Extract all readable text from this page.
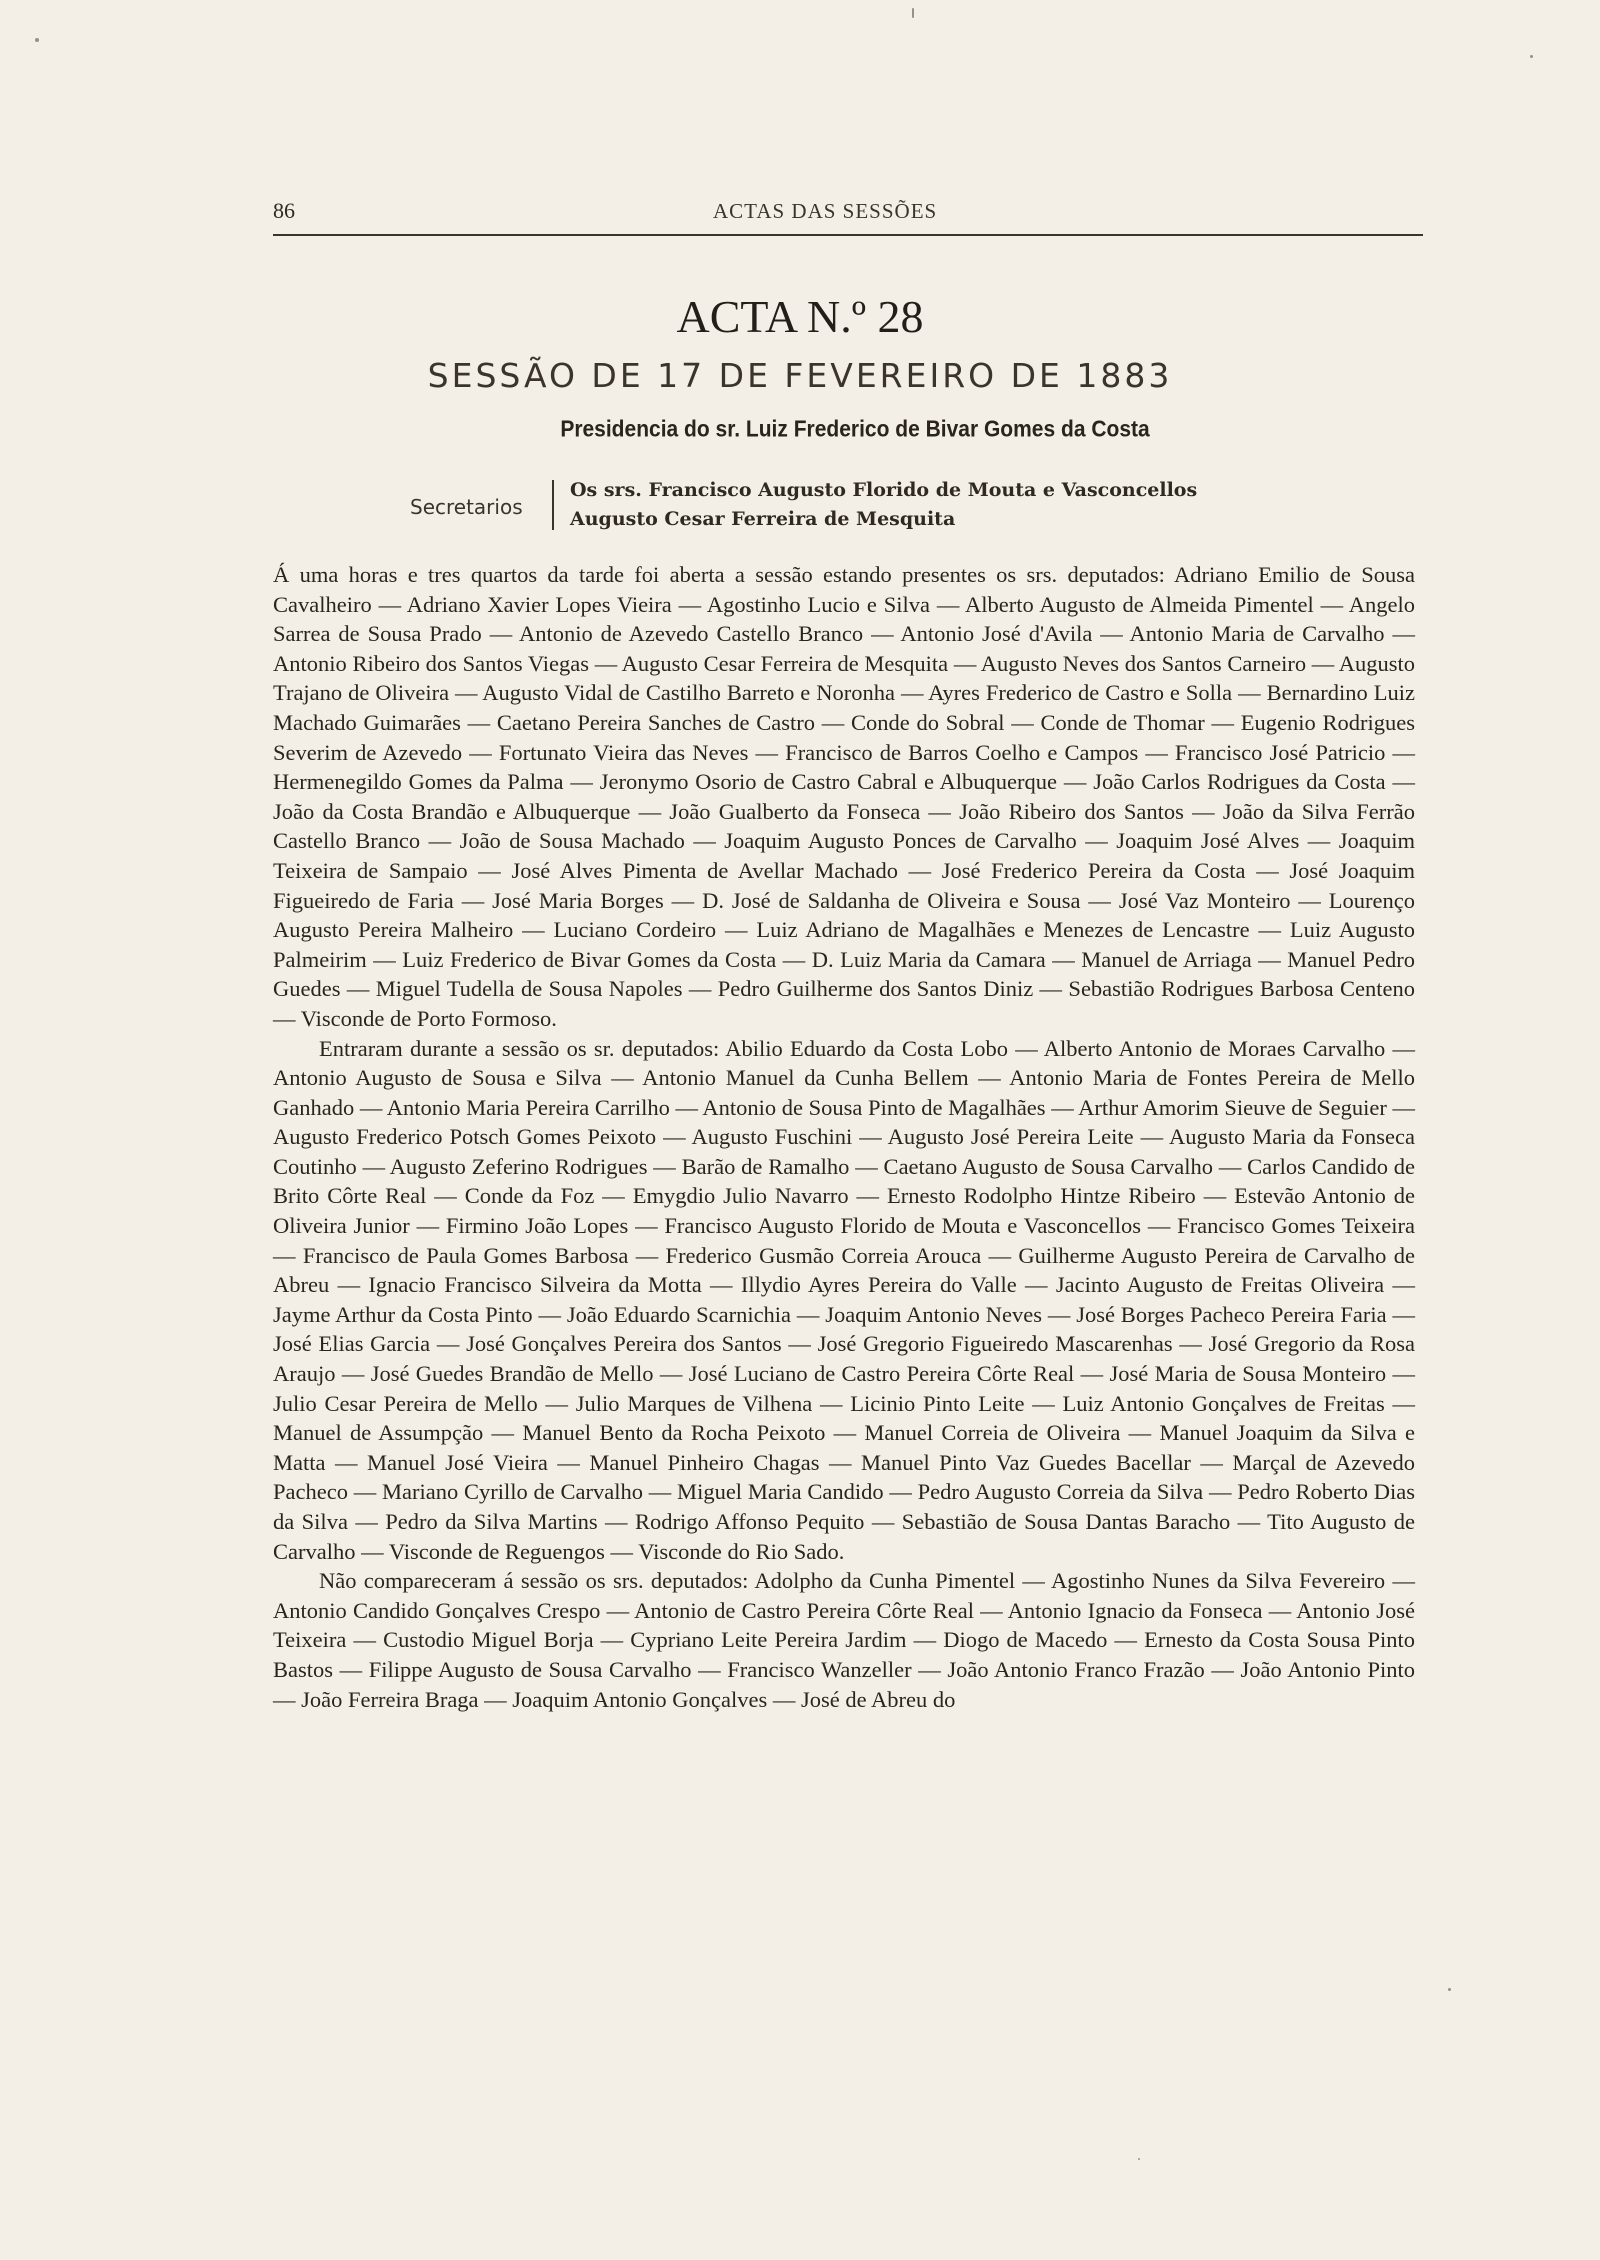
86	ACTAS DAS SESSÕES
ACTA N.º 28
SESSÃO DE 17 DE FEVEREIRO DE 1883
Presidencia do sr. Luiz Frederico de Bivar Gomes da Costa
Secretarios
Os srs. Francisco Augusto Florido de Mouta e Vasconcellos
Augusto Cesar Ferreira de Mesquita

Á uma horas e tres quartos da tarde foi aberta a sessão estando presentes os srs. deputados: Adriano Emilio de Sousa Cavalheiro — Adriano Xavier Lopes Vieira — Agostinho Lucio e Silva — Alberto Augusto de Almeida Pimentel — Angelo Sarrea de Sousa Prado — Antonio de Azevedo Castello Branco — Antonio José d'Avila — Antonio Maria de Carvalho — Antonio Ribeiro dos Santos Viegas — Augusto Cesar Ferreira de Mesquita — Augusto Neves dos Santos Carneiro — Augusto Trajano de Oliveira — Augusto Vidal de Castilho Barreto e Noronha — Ayres Frederico de Castro e Solla — Bernardino Luiz Machado Guimarães — Caetano Pereira Sanches de Castro — Conde do Sobral — Conde de Thomar — Eugenio Rodrigues Severim de Azevedo — Fortunato Vieira das Neves — Francisco de Barros Coelho e Campos — Francisco José Patricio — Hermenegildo Gomes da Palma — Jeronymo Osorio de Castro Cabral e Albuquerque — João Carlos Rodrigues da Costa — João da Costa Brandão e Albuquerque — João Gualberto da Fonseca — João Ribeiro dos Santos — João da Silva Ferrão Castello Branco — João de Sousa Machado — Joaquim Augusto Ponces de Carvalho — Joaquim José Alves — Joaquim Teixeira de Sampaio — José Alves Pimenta de Avellar Machado — José Frederico Pereira da Costa — José Joaquim Figueiredo de Faria — José Maria Borges — D. José de Saldanha de Oliveira e Sousa — José Vaz Monteiro — Lourenço Augusto Pereira Malheiro — Luciano Cordeiro — Luiz Adriano de Magalhães e Menezes de Lencastre — Luiz Augusto Palmeirim — Luiz Frederico de Bivar Gomes da Costa — D. Luiz Maria da Camara — Manuel de Arriaga — Manuel Pedro Guedes — Miguel Tudella de Sousa Napoles — Pedro Guilherme dos Santos Diniz — Sebastião Rodrigues Barbosa Centeno — Visconde de Porto Formoso.

Entraram durante a sessão os sr. deputados: Abilio Eduardo da Costa Lobo — Alberto Antonio de Moraes Carvalho — Antonio Augusto de Sousa e Silva — Antonio Manuel da Cunha Bellem — Antonio Maria de Fontes Pereira de Mello Ganhado — Antonio Maria Pereira Carrilho — Antonio de Sousa Pinto de Magalhães — Arthur Amorim Sieuve de Seguier — Augusto Frederico Potsch Gomes Peixoto — Augusto Fuschini — Augusto José Pereira Leite — Augusto Maria da Fonseca Coutinho — Augusto Zeferino Rodrigues — Barão de Ramalho — Caetano Augusto de Sousa Carvalho — Carlos Candido de Brito Côrte Real — Conde da Foz — Emygdio Julio Navarro — Ernesto Rodolpho Hintze Ribeiro — Estevão Antonio de Oliveira Junior — Firmino João Lopes — Francisco Augusto Florido de Mouta e Vasconcellos — Francisco Gomes Teixeira — Francisco de Paula Gomes Barbosa — Frederico Gusmão Correia Arouca — Guilherme Augusto Pereira de Carvalho de Abreu — Ignacio Francisco Silveira da Motta — Illydio Ayres Pereira do Valle — Jacinto Augusto de Freitas Oliveira — Jayme Arthur da Costa Pinto — João Eduardo Scarnichia — Joaquim Antonio Neves — José Borges Pacheco Pereira Faria — José Elias Garcia — José Gonçalves Pereira dos Santos — José Gregorio Figueiredo Mascarenhas — José Gregorio da Rosa Araujo — José Guedes Brandão de Mello — José Luciano de Castro Pereira Côrte Real — José Maria de Sousa Monteiro — Julio Cesar Pereira de Mello — Julio Marques de Vilhena — Licinio Pinto Leite — Luiz Antonio Gonçalves de Freitas — Manuel de Assumpção — Manuel Bento da Rocha Peixoto — Manuel Correia de Oliveira — Manuel Joaquim da Silva e Matta — Manuel José Vieira — Manuel Pinheiro Chagas — Manuel Pinto Vaz Guedes Bacellar — Marçal de Azevedo Pacheco — Mariano Cyrillo de Carvalho — Miguel Maria Candido — Pedro Augusto Correia da Silva — Pedro Roberto Dias da Silva — Pedro da Silva Martins — Rodrigo Affonso Pequito — Sebastião de Sousa Dantas Baracho — Tito Augusto de Carvalho — Visconde de Reguengos — Visconde do Rio Sado.

Não compareceram á sessão os srs. deputados: Adolpho da Cunha Pimentel — Agostinho Nunes da Silva Fevereiro — Antonio Candido Gonçalves Crespo — Antonio de Castro Pereira Côrte Real — Antonio Ignacio da Fonseca — Antonio José Teixeira — Custodio Miguel Borja — Cypriano Leite Pereira Jardim — Diogo de Macedo — Ernesto da Costa Sousa Pinto Bastos — Filippe Augusto de Sousa Carvalho — Francisco Wanzeller — João Antonio Franco Frazão — João Antonio Pinto — João Ferreira Braga — Joaquim Antonio Gonçalves — José de Abreu do
